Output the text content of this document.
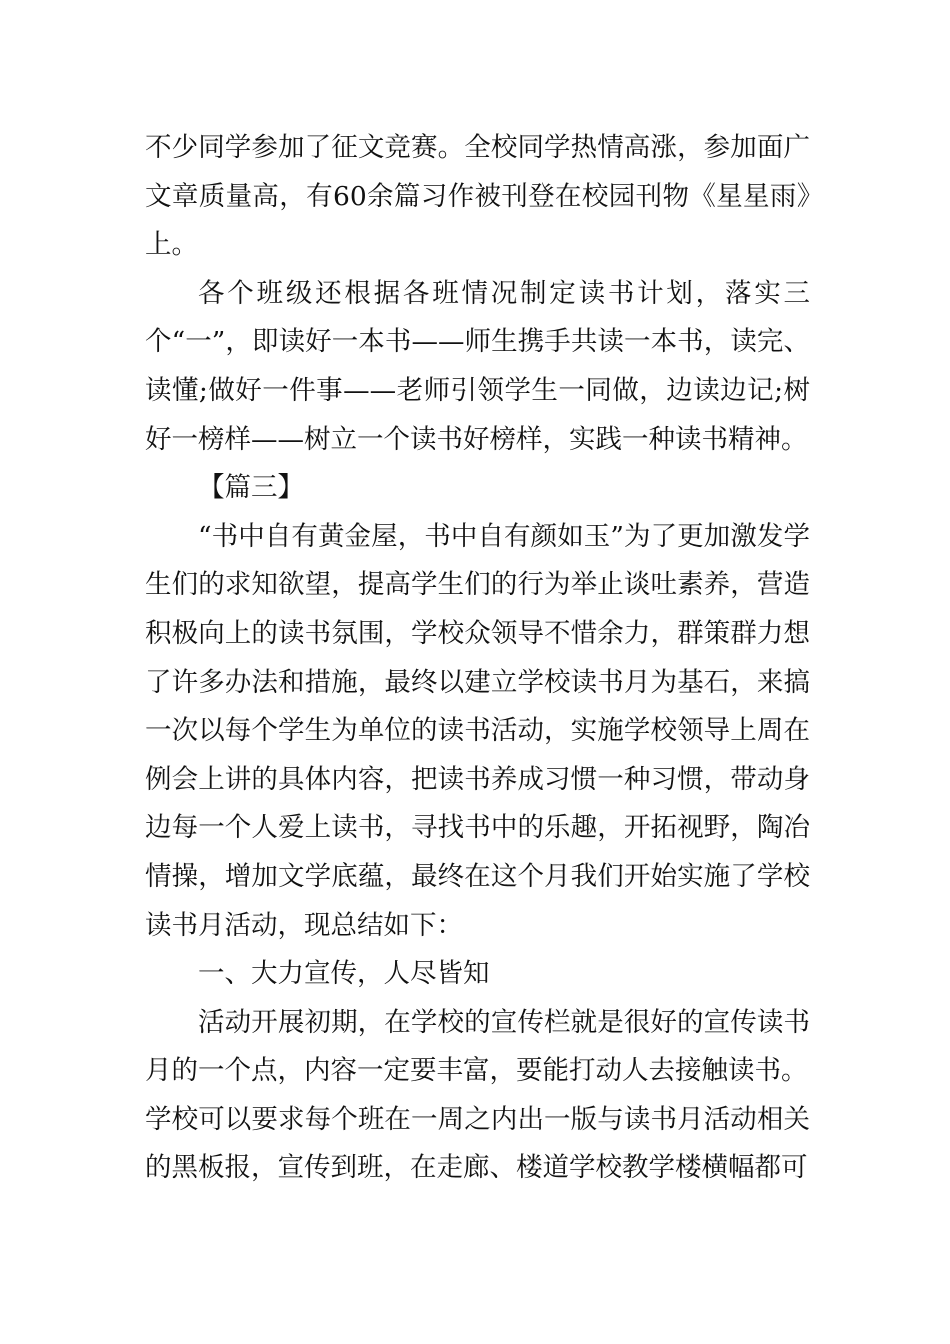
不少同学参加了征文竞赛。全校同学热情高涨，参加面广文章质量高，有60余篇习作被刊登在校园刊物《星星雨》上。

各个班级还根据各班情况制定读书计划，落实三个“一”，即读好一本书——师生携手共读一本书，读完、读懂;做好一件事——老师引领学生一同做，边读边记;树好一榜样——树立一个读书好榜样，实践一种读书精神。

【篇三】

“书中自有黄金屋，书中自有颜如玉”为了更加激发学生们的求知欲望，提高学生们的行为举止谈吐素养，营造积极向上的读书氛围，学校众领导不惜余力，群策群力想了许多办法和措施，最终以建立学校读书月为基石，来搞一次以每个学生为单位的读书活动，实施学校领导上周在例会上讲的具体内容，把读书养成习惯一种习惯，带动身边每一个人爱上读书，寻找书中的乐趣，开拓视野，陶冶情操，增加文学底蕴，最终在这个月我们开始实施了学校读书月活动，现总结如下：

一、大力宣传，人尽皆知

活动开展初期，在学校的宣传栏就是很好的宣传读书月的一个点，内容一定要丰富，要能打动人去接触读书。

学校可以要求每个班在一周之内出一版与读书月活动相关的黑板报，宣传到班，在走廊、楼道学校教学楼横幅都可
